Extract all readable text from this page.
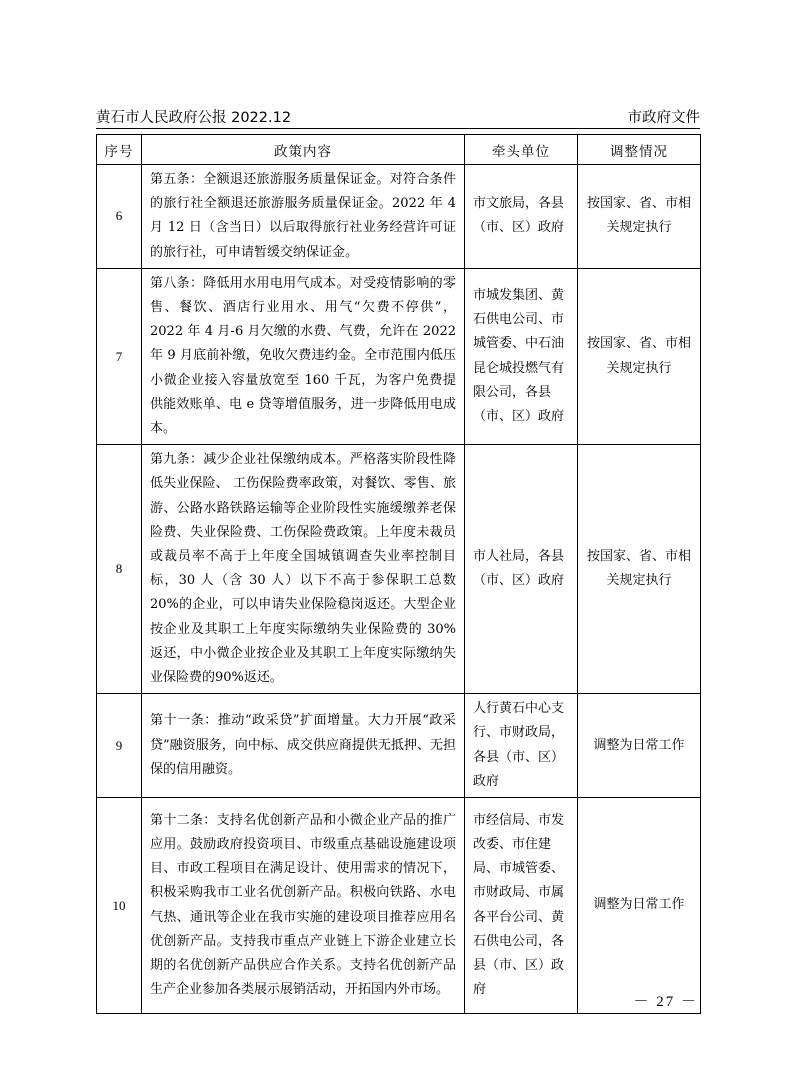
黄石市人民政府公报 2022.12	市政府文件
序号	政策内容	牵头单位	调整情况
6	第五条：全额退还旅游服务质量保证金。对符合条件的旅行社全额退还旅游服务质量保证金。2022 年 4 月 12 日（含当日）以后取得旅行社业务经营许可证的旅行社，可申请暂缓交纳保证金。	市文旅局，各县（市、区）政府	按国家、省、市相关规定执行
7	第八条：降低用水用电用气成本。对受疫情影响的零售、餐饮、酒店行业用水、用气“欠费不停供”，2022 年 4 月-6 月欠缴的水费、气费，允许在 2022 年 9 月底前补缴，免收欠费违约金。全市范围内低压小微企业接入容量放宽至 160 千瓦，为客户免费提供能效账单、电 e 贷等增值服务，进一步降低用电成本。	市城发集团、黄石供电公司、市城管委、中石油昆仑城投燃气有限公司，各县（市、区）政府	按国家、省、市相关规定执行
8	第九条：减少企业社保缴纳成本。严格落实阶段性降低失业保险、 工伤保险费率政策，对餐饮、零售、旅游、公路水路铁路运输等企业阶段性实施缓缴养老保险费、失业保险费、工伤保险费政策。上年度未裁员或裁员率不高于上年度全国城镇调查失业率控制目标，30 人（含 30 人）以下不高于参保职工总数 20%的企业，可以申请失业保险稳岗返还。大型企业按企业及其职工上年度实际缴纳失业保险费的 30%返还，中小微企业按企业及其职工上年度实际缴纳失业保险费的90%返还。	市人社局，各县（市、区）政府	按国家、省、市相关规定执行
9	第十一条：推动“政采贷”扩面增量。大力开展“政采贷”融资服务，向中标、成交供应商提供无抵押、无担保的信用融资。	人行黄石中心支行、市财政局，各县（市、区）政府	调整为日常工作
10	第十二条：支持名优创新产品和小微企业产品的推广应用。鼓励政府投资项目、市级重点基础设施建设项目、市政工程项目在满足设计、使用需求的情况下，积极采购我市工业名优创新产品。积极向铁路、水电气热、通讯等企业在我市实施的建设项目推荐应用名优创新产品。支持我市重点产业链上下游企业建立长期的名优创新产品供应合作关系。支持名优创新产品生产企业参加各类展示展销活动，开拓国内外市场。	市经信局、市发改委、市住建局、市城管委、市财政局、市属各平台公司、黄石供电公司，各县（市、区）政府	调整为日常工作
－ 27 －
